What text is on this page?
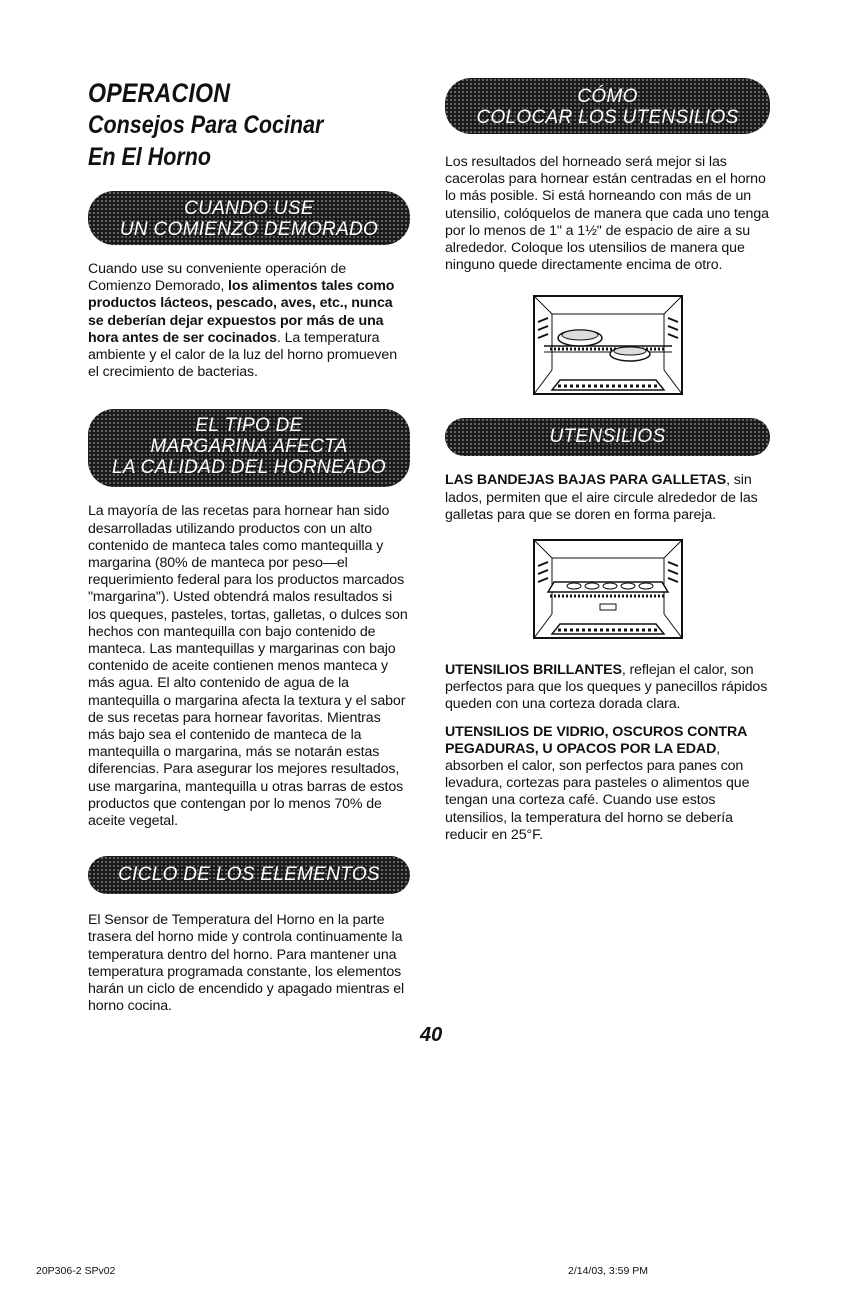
OPERACION
Consejos Para Cocinar
En El Horno
CUANDO USE
UN COMIENZO DEMORADO

Cuando use su conveniente operación de Comienzo Demorado, los alimentos tales como productos lácteos, pescado, aves, etc., nunca se deberían dejar expuestos por más de una hora antes de ser cocinados. La temperatura ambiente y el calor de la luz del horno promueven el crecimiento de bacterias.

EL TIPO DE
MARGARINA AFECTA
LA CALIDAD DEL HORNEADO

La mayoría de las recetas para hornear han sido desarrolladas utilizando productos con un alto contenido de manteca tales como mantequilla y margarina (80% de manteca por peso—el requerimiento federal para los productos marcados "margarina"). Usted obtendrá malos resultados si los queques, pasteles, tortas, galletas, o dulces son hechos con mantequilla con bajo contenido de manteca. Las mantequillas y margarinas con bajo contenido de aceite contienen menos manteca y más agua. El alto contenido de agua de la mantequilla o margarina afecta la textura y el sabor de sus recetas para hornear favoritas. Mientras más bajo sea el contenido de manteca de la mantequilla o margarina, más se notarán estas diferencias. Para asegurar los mejores resultados, use margarina, mantequilla u otras barras de estos productos que contengan por lo menos 70% de aceite vegetal.

CICLO DE LOS ELEMENTOS

El Sensor de Temperatura del Horno en la parte trasera del horno mide y controla continuamente la temperatura dentro del horno. Para mantener una temperatura programada constante, los elementos harán un ciclo de encendido y apagado mientras el horno cocina.

CÓMO
COLOCAR LOS UTENSILIOS

Los resultados del horneado será mejor si las cacerolas para hornear están centradas en el horno lo más posible. Si está horneando con más de un utensilio, colóquelos de manera que cada uno tenga por lo menos de 1" a 1½" de espacio de aire a su alrededor. Coloque los utensilios de manera que ninguno quede directamente encima de otro.

UTENSILIOS

LAS BANDEJAS BAJAS PARA GALLETAS, sin lados, permiten que el aire circule alrededor de las galletas para que se doren en forma pareja.

UTENSILIOS BRILLANTES, reflejan el calor, son perfectos para que los queques y panecillos rápidos queden con una corteza dorada clara.

UTENSILIOS DE VIDRIO, OSCUROS CONTRA PEGADURAS, U OPACOS POR LA EDAD, absorben el calor, son perfectos para panes con levadura, cortezas para pasteles o alimentos que tengan una corteza café. Cuando use estos utensilios, la temperatura del horno se debería reducir en 25°F.

40
20P306-2 SPv02	2/14/03, 3:59 PM
